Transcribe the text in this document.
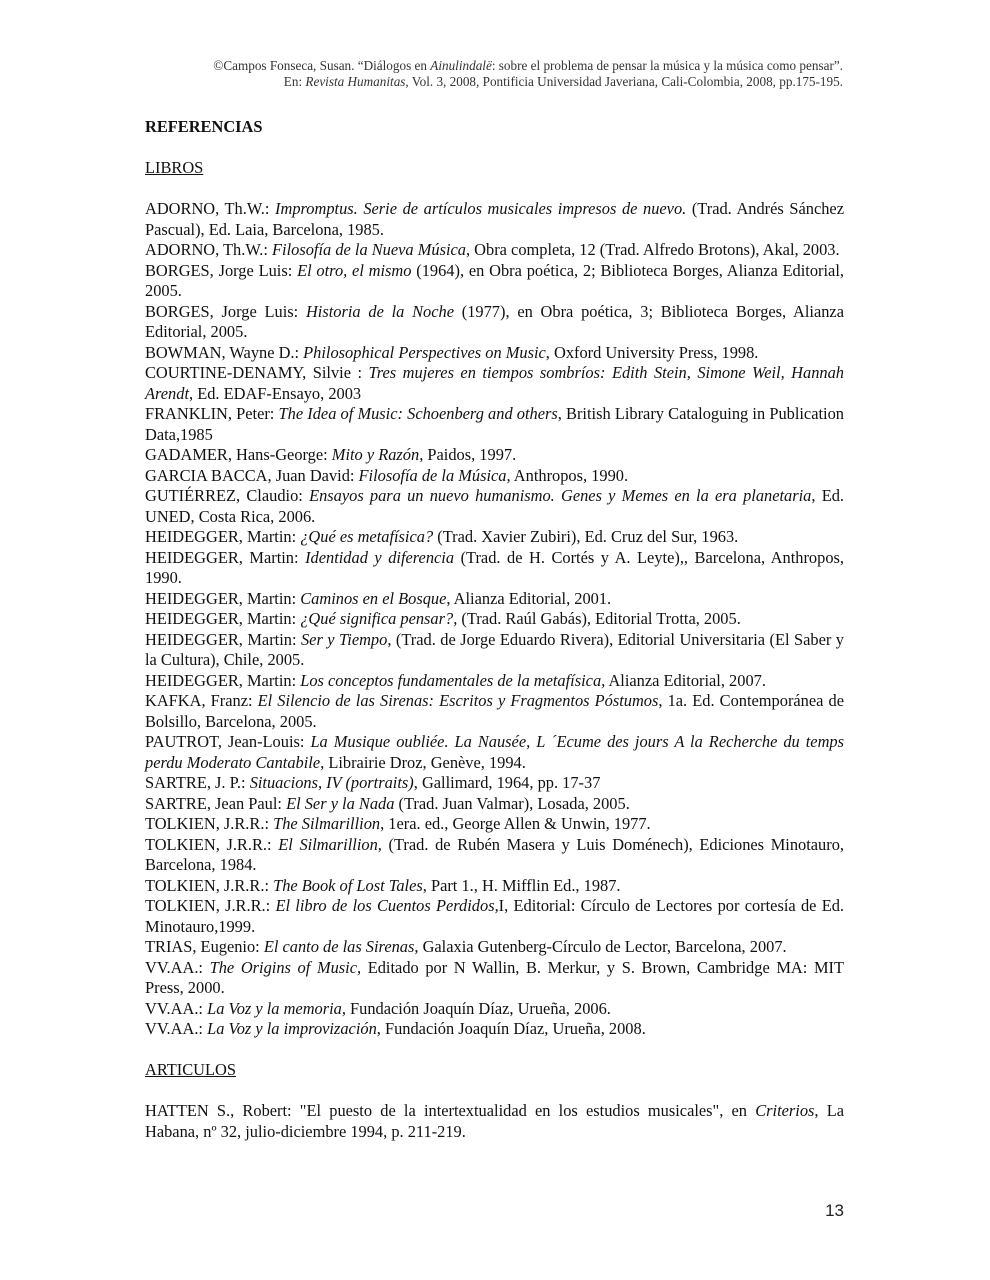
©Campos Fonseca, Susan. “Diálogos en Ainulindalë: sobre el problema de pensar la música y la música como pensar”.
En: Revista Humanitas, Vol. 3, 2008, Pontificia Universidad Javeriana, Cali-Colombia, 2008, pp.175-195.

REFERENCIAS

LIBROS

ADORNO, Th.W.: Impromptus. Serie de artículos musicales impresos de nuevo. (Trad. Andrés Sánchez Pascual), Ed. Laia, Barcelona, 1985.

ADORNO, Th.W.: Filosofía de la Nueva Música, Obra completa, 12 (Trad. Alfredo Brotons), Akal, 2003.

BORGES, Jorge Luis: El otro, el mismo (1964), en Obra poética, 2; Biblioteca Borges, Alianza Editorial, 2005.

BORGES, Jorge Luis: Historia de la Noche (1977), en Obra poética, 3; Biblioteca Borges, Alianza Editorial, 2005.

BOWMAN, Wayne D.: Philosophical Perspectives on Music, Oxford University Press, 1998.

COURTINE-DENAMY, Silvie : Tres mujeres en tiempos sombríos: Edith Stein, Simone Weil, Hannah Arendt, Ed. EDAF-Ensayo, 2003

FRANKLIN, Peter: The Idea of Music: Schoenberg and others, British Library Cataloguing in Publication Data,1985

GADAMER, Hans-George: Mito y Razón, Paidos, 1997.

GARCIA BACCA, Juan David: Filosofía de la Música, Anthropos, 1990.

GUTIÉRREZ, Claudio: Ensayos para un nuevo humanismo. Genes y Memes en la era planetaria, Ed. UNED, Costa Rica, 2006.

HEIDEGGER, Martin: ¿Qué es metafísica? (Trad. Xavier Zubiri), Ed. Cruz del Sur, 1963.

HEIDEGGER, Martin: Identidad y diferencia (Trad. de H. Cortés y A. Leyte),, Barcelona, Anthropos, 1990.

HEIDEGGER, Martin: Caminos en el Bosque, Alianza Editorial, 2001.

HEIDEGGER, Martin: ¿Qué significa pensar?, (Trad. Raúl Gabás), Editorial Trotta, 2005.

HEIDEGGER, Martin: Ser y Tiempo, (Trad. de Jorge Eduardo Rivera), Editorial Universitaria (El Saber y la Cultura), Chile, 2005.

HEIDEGGER, Martin: Los conceptos fundamentales de la metafísica, Alianza Editorial, 2007.

KAFKA, Franz: El Silencio de las Sirenas: Escritos y Fragmentos Póstumos, 1a. Ed. Contemporánea de Bolsillo, Barcelona, 2005.

PAUTROT, Jean-Louis: La Musique oubliée. La Nausée, L ´Ecume des jours A la Recherche du temps perdu Moderato Cantabile, Librairie Droz, Genève, 1994.

SARTRE, J. P.: Situacions, IV (portraits), Gallimard, 1964, pp. 17-37

SARTRE, Jean Paul: El Ser y la Nada (Trad. Juan Valmar), Losada, 2005.

TOLKIEN, J.R.R.: The Silmarillion, 1era. ed., George Allen & Unwin, 1977.

TOLKIEN, J.R.R.: El Silmarillion, (Trad. de Rubén Masera y Luis Doménech), Ediciones Minotauro, Barcelona, 1984.

TOLKIEN, J.R.R.: The Book of Lost Tales, Part 1., H. Mifflin Ed., 1987.

TOLKIEN, J.R.R.: El libro de los Cuentos Perdidos,I, Editorial: Círculo de Lectores por cortesía de Ed. Minotauro,1999.

TRIAS, Eugenio: El canto de las Sirenas, Galaxia Gutenberg-Círculo de Lector, Barcelona, 2007.

VV.AA.: The Origins of Music, Editado por N Wallin, B. Merkur, y S. Brown, Cambridge MA: MIT Press, 2000.

VV.AA.: La Voz y la memoria, Fundación Joaquín Díaz, Urueña, 2006.

VV.AA.: La Voz y la improvización, Fundación Joaquín Díaz, Urueña, 2008.

ARTICULOS

HATTEN S., Robert: "El puesto de la intertextualidad en los estudios musicales", en Criterios, La Habana, nº 32, julio-diciembre 1994, p. 211-219.

13
